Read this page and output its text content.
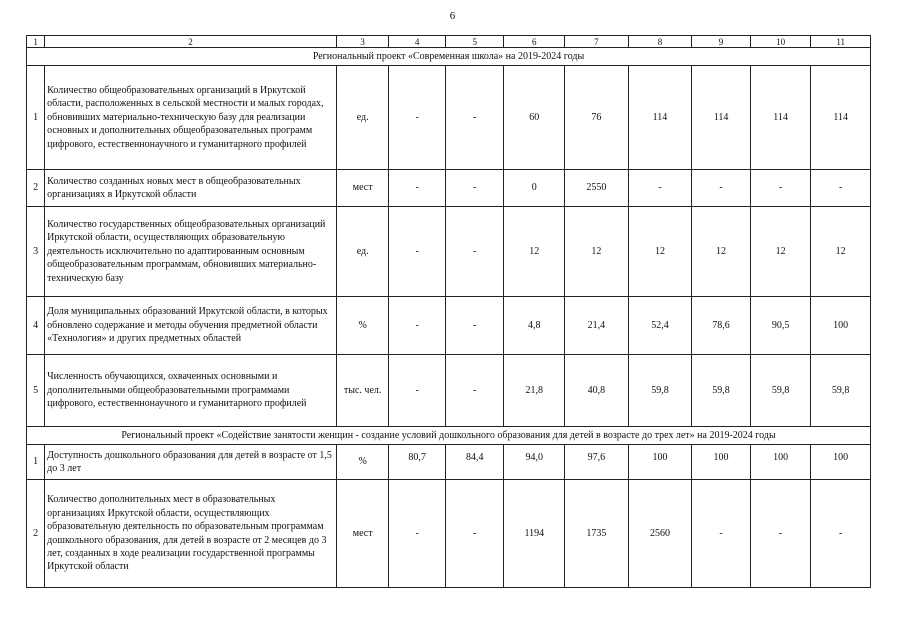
6
1	2	3	4	5	6	7	8	9	10	11
Региональный проект «Современная школа» на 2019-2024 годы										
1	Количество общеобразовательных организаций в Иркутской области, расположенных в сельской местности и малых городах, обновивших материально-техническую базу для реализации основных и дополнительных общеобразовательных программ цифрового, естественнонаучного и гуманитарного профилей	ед.	-	-	60	76	114	114	114	114
2	Количество созданных новых мест в общеобразовательных организациях в Иркутской области	мест	-	-	0	2550	-	-	-	-
3	Количество государственных общеобразовательных организаций Иркутской области, осуществляющих образовательную деятельность исключительно по адаптированным основным общеобразовательным программам, обновивших материально-техническую базу	ед.	-	-	12	12	12	12	12	12
4	Доля муниципальных образований Иркутской области, в которых обновлено содержание и методы обучения предметной области «Технология» и других предметных областей	%	-	-	4,8	21,4	52,4	78,6	90,5	100
5	Численность обучающихся, охваченных основными и дополнительными общеобразовательными программами цифрового, естественнонаучного и гуманитарного профилей	тыс. чел.	-	-	21,8	40,8	59,8	59,8	59,8	59,8
Региональный проект «Содействие занятости женщин - создание условий дошкольного образования для детей в возрасте до трех лет» на 2019-2024 годы										
1	Доступность дошкольного образования для детей в возрасте от 1,5 до 3 лет	%	80,7	84,4	94,0	97,6	100	100	100	100
2	Количество дополнительных мест в образовательных организациях Иркутской области, осуществляющих образовательную деятельность по образовательным программам дошкольного образования, для детей в возрасте от 2 месяцев до 3 лет, созданных в ходе реализации государственной программы Иркутской области	мест	-	-	1194	1735	2560	-	-	-
